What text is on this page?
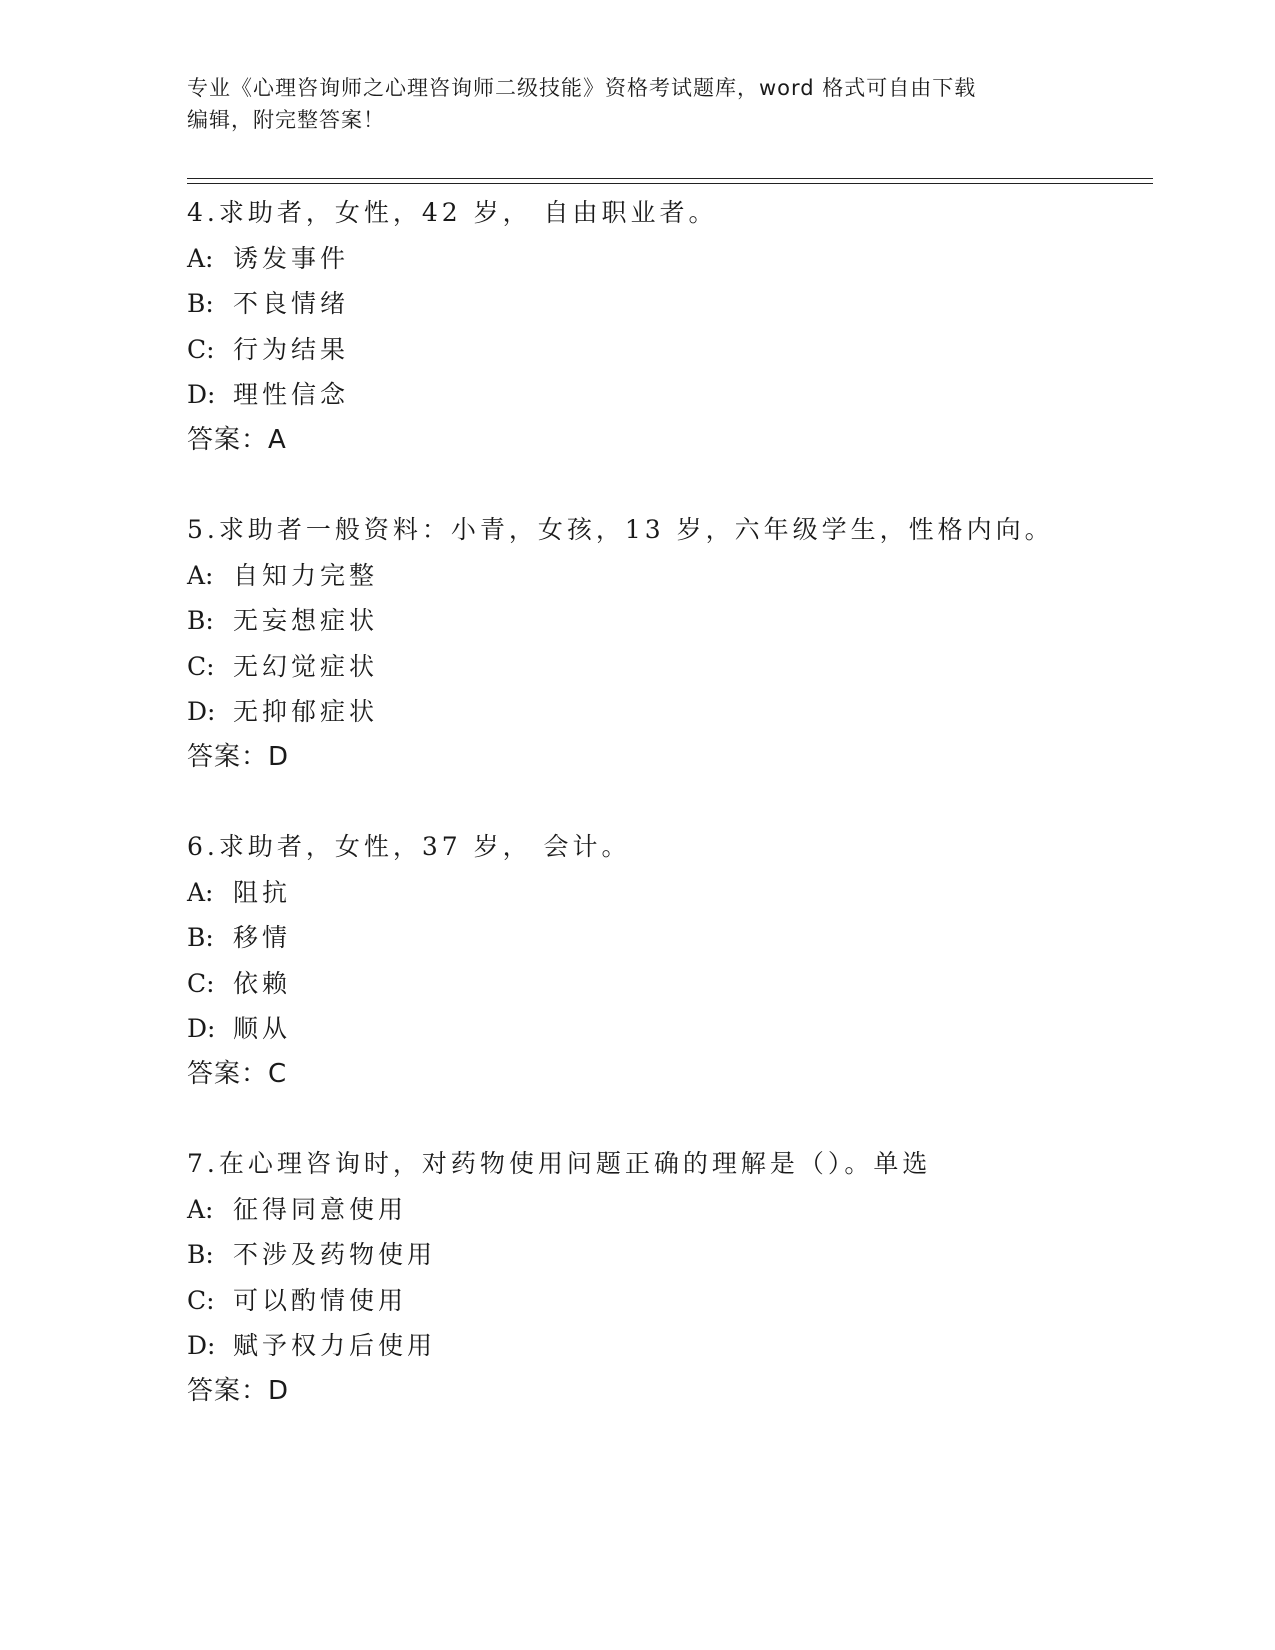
专业《心理咨询师之心理咨询师二级技能》资格考试题库，word 格式可自由下载
编辑，附完整答案！
4.求助者，女性，42 岁， 自由职业者。
A: 诱发事件
B: 不良情绪
C: 行为结果
D: 理性信念
答案：A
5.求助者一般资料：小青，女孩，13 岁，六年级学生，性格内向。
A: 自知力完整
B: 无妄想症状
C: 无幻觉症状
D: 无抑郁症状
答案：D
6.求助者，女性，37 岁， 会计。
A: 阻抗
B: 移情
C: 依赖
D: 顺从
答案：C
7.在心理咨询时，对药物使用问题正确的理解是（）。单选
A: 征得同意使用
B: 不涉及药物使用
C: 可以酌情使用
D: 赋予权力后使用
答案：D
